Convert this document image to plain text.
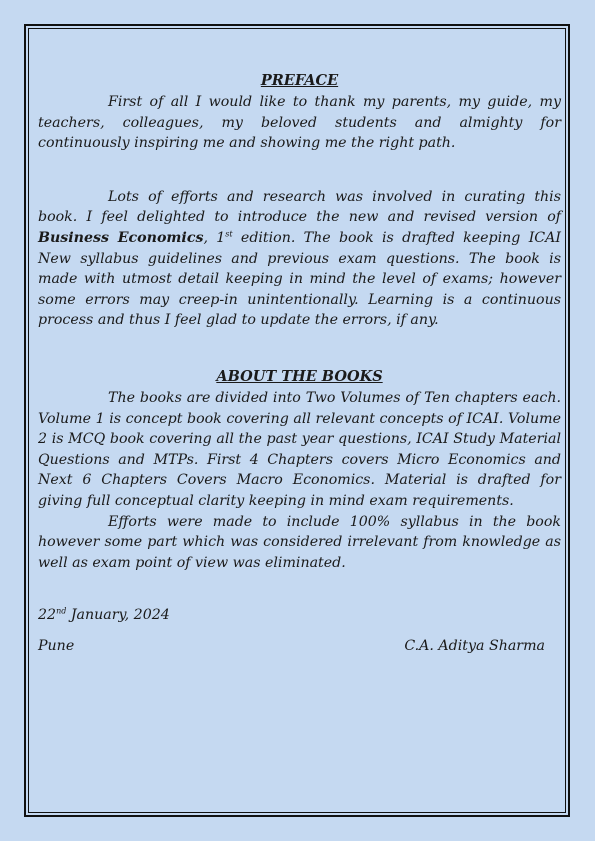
PREFACE

First of all I would like to thank my parents, my guide, my teachers, colleagues, my beloved students and almighty for continuously inspiring me and showing me the right path.

Lots of efforts and research was involved in curating this book. I feel delighted to introduce the new and revised version of Business Economics, 1st edition. The book is drafted keeping ICAI New syllabus guidelines and previous exam questions. The book is made with utmost detail keeping in mind the level of exams; however some errors may creep-in unintentionally. Learning is a continuous process and thus I feel glad to update the errors, if any.

ABOUT THE BOOKS

The books are divided into Two Volumes of Ten chapters each. Volume 1 is concept book covering all relevant concepts of ICAI. Volume 2 is MCQ book covering all the past year questions, ICAI Study Material Questions and MTPs. First 4 Chapters covers Micro Economics and Next 6 Chapters Covers Macro Economics. Material is drafted for giving full conceptual clarity keeping in mind exam requirements.

Efforts were made to include 100% syllabus in the book however some part which was considered irrelevant from knowledge as well as exam point of view was eliminated.

22nd January, 2024

Pune	C.A. Aditya Sharma
